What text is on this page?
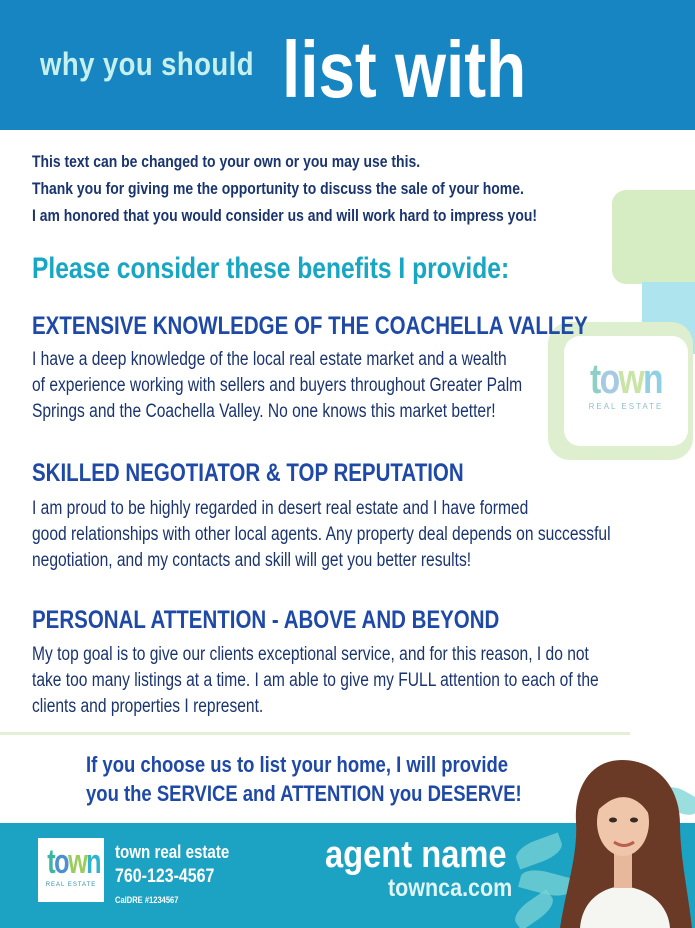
why you should list with me
town
REAL ESTATE
This text can be changed to your own or you may use this.
Thank you for giving me the opportunity to discuss the sale of your home.
I am honored that you would consider us and will work hard to impress you!
Please consider these benefits I provide:
EXTENSIVE KNOWLEDGE OF THE COACHELLA VALLEY
I have a deep knowledge of the local real estate market and a wealth
of experience working with sellers and buyers throughout Greater Palm
Springs and the Coachella Valley. No one knows this market better!
SKILLED NEGOTIATOR & TOP REPUTATION
I am proud to be highly regarded in desert real estate and I have formed
good relationships with other local agents. Any property deal depends on successful
negotiation, and my contacts and skill will get you better results!
PERSONAL ATTENTION - ABOVE AND BEYOND
My top goal is to give our clients exceptional service, and for this reason, I do not
take too many listings at a time. I am able to give my FULL attention to each of the
clients and properties I represent.
If you choose us to list your home, I will provide
you the SERVICE and ATTENTION you DESERVE!
town
REAL ESTATE
town real estate
760-123-4567
CalDRE #1234567
agent name
townca.com
